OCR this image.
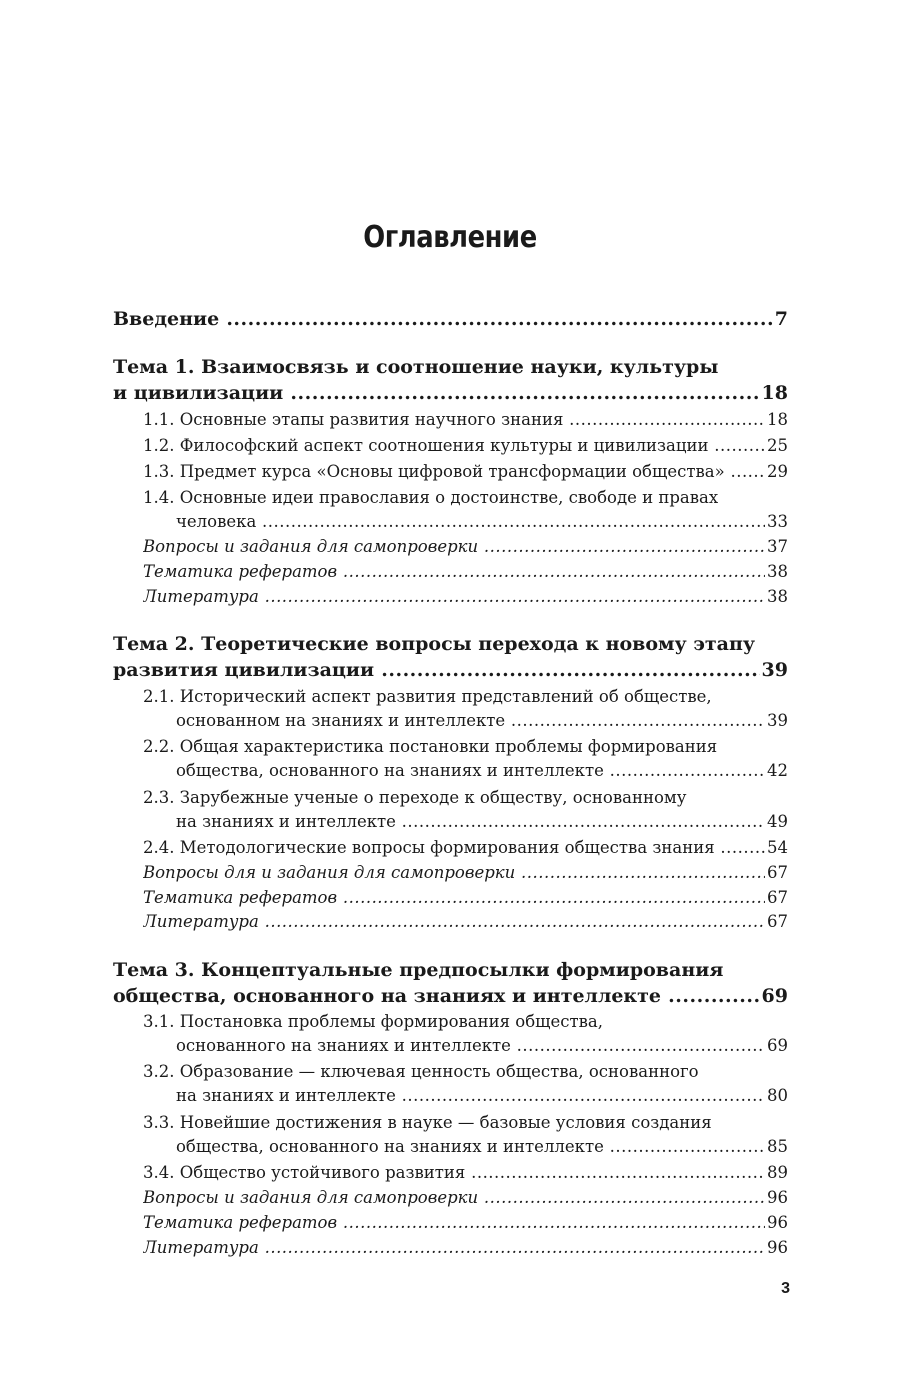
Оглавление
Введение .....	7
Тема 1. Взаимосвязь и соотношение науки, культуры
и цивилизации .....	18
1.1. Основные этапы развития научного знания .....	18
1.2. Философский аспект соотношения культуры и цивилизации .....	25
1.3. Предмет курса «Основы цифровой трансформации общества» .....	29
1.4. Основные идеи православия о достоинстве, свободе и правах
человека .....	33
Вопросы и задания для самопроверки .....	37
Тематика рефератов .....	38
Литература .....	38
Тема 2. Теоретические вопросы перехода к новому этапу
развития цивилизации .....	39
2.1. Исторический аспект развития представлений об обществе,
основанном на знаниях и интеллекте .....	39
2.2. Общая характеристика постановки проблемы формирования
общества, основанного на знаниях и интеллекте .....	42
2.3. Зарубежные ученые о переходе к обществу, основанному
на знаниях и интеллекте .....	49
2.4. Методологические вопросы формирования общества знания .....	54
Вопросы для и задания для самопроверки .....	67
Тематика рефератов .....	67
Литература .....	67
Тема 3. Концептуальные предпосылки формирования
общества, основанного на знаниях и интеллекте .....	69
3.1. Постановка проблемы формирования общества,
основанного на знаниях и интеллекте .....	69
3.2. Образование — ключевая ценность общества, основанного
на знаниях и интеллекте .....	80
3.3. Новейшие достижения в науке — базовые условия создания
общества, основанного на знаниях и интеллекте .....	85
3.4. Общество устойчивого развития .....	89
Вопросы и задания для самопроверки .....	96
Тематика рефератов .....	96
Литература .....	96
3
